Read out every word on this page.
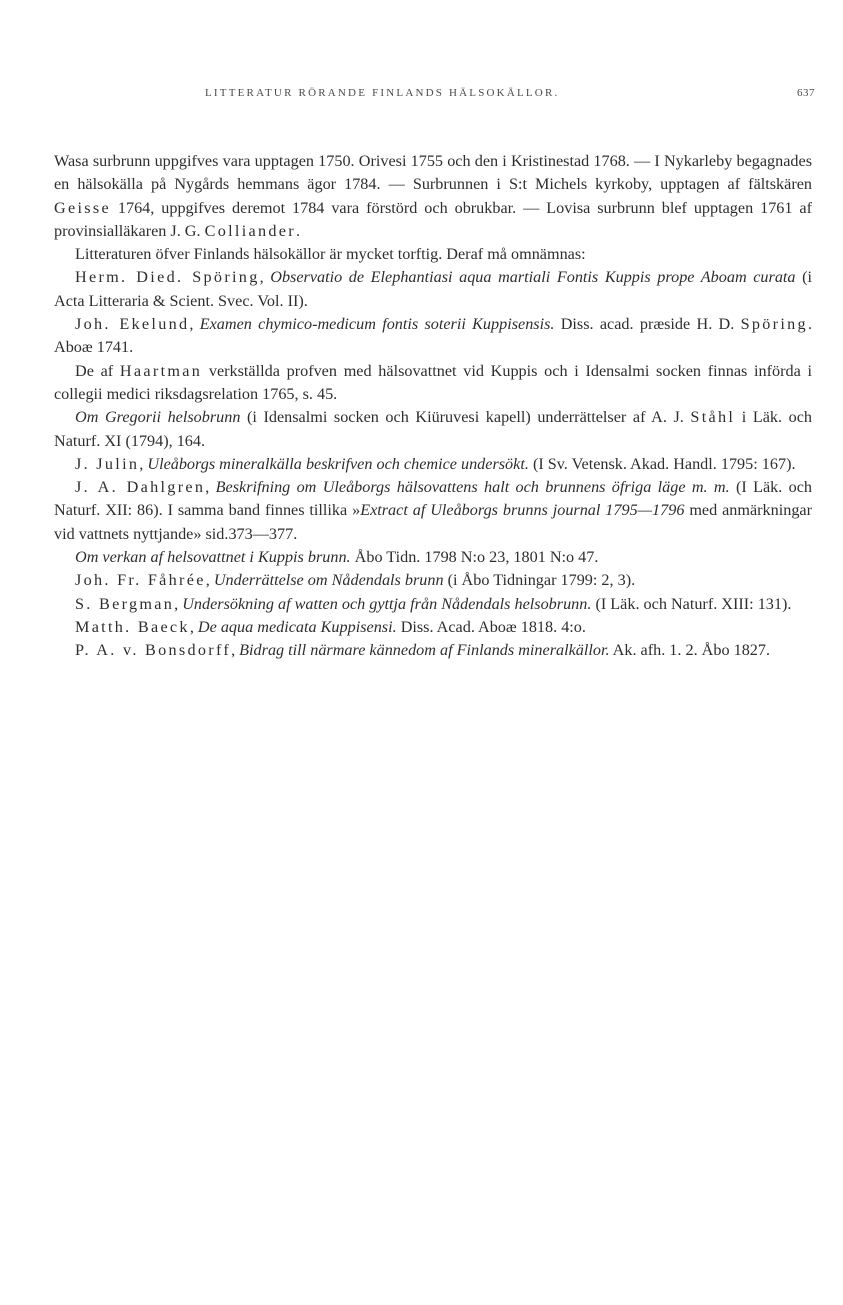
LITTERATUR RÖRANDE FINLANDS HÄLSOKÄLLOR.	637

Wasa surbrunn uppgifves vara upptagen 1750. Orivesi 1755 och den i Kristinestad 1768. — I Nykarleby begagnades en hälsokälla på Nygårds hemmans ägor 1784. — Surbrunnen i S:t Michels kyrkoby, upptagen af fältskären Geisse 1764, uppgifves deremot 1784 vara förstörd och obrukbar. — Lovisa surbrunn blef upptagen 1761 af provinsialläkaren J. G. Colliander.

Litteraturen öfver Finlands hälsokällor är mycket torftig. Deraf må omnämnas:

Herm. Died. Spöring, Observatio de Elephantiasi aqua martiali Fontis Kuppis prope Aboam curata (i Acta Litteraria & Scient. Svec. Vol. II).

Joh. Ekelund, Examen chymico-medicum fontis soterii Kuppisensis. Diss. acad. præside H. D. Spöring. Aboæ 1741.

De af Haartman verkställda profven med hälsovattnet vid Kuppis och i Idensalmi socken finnas införda i collegii medici riksdagsrelation 1765, s. 45.

Om Gregorii helsobrunn (i Idensalmi socken och Kiüruvesi kapell) underrättelser af A. J. Ståhl i Läk. och Naturf. XI (1794), 164.

J. Julin, Uleåborgs mineralkälla beskrifven och chemice undersökt. (I Sv. Vetensk. Akad. Handl. 1795: 167).

J. A. Dahlgren, Beskrifning om Uleåborgs hälsovattens halt och brunnens öfriga läge m. m. (I Läk. och Naturf. XII: 86). I samma band finnes tillika »Extract af Uleåborgs brunns journal 1795—1796 med anmärkningar vid vattnets nyttjande» sid.373—377.

Om verkan af helsovattnet i Kuppis brunn. Åbo Tidn. 1798 N:o 23, 1801 N:o 47.

Joh. Fr. Fåhrée, Underrättelse om Nådendals brunn (i Åbo Tidningar 1799: 2, 3).

S. Bergman, Undersökning af watten och gyttja från Nådendals helsobrunn. (I Läk. och Naturf. XIII: 131).

Matth. Baeck, De aqua medicata Kuppisensi. Diss. Acad. Aboæ 1818. 4:o.

P. A. v. Bonsdorff, Bidrag till närmare kännedom af Finlands mineralkällor. Ak. afh. 1. 2. Åbo 1827.
